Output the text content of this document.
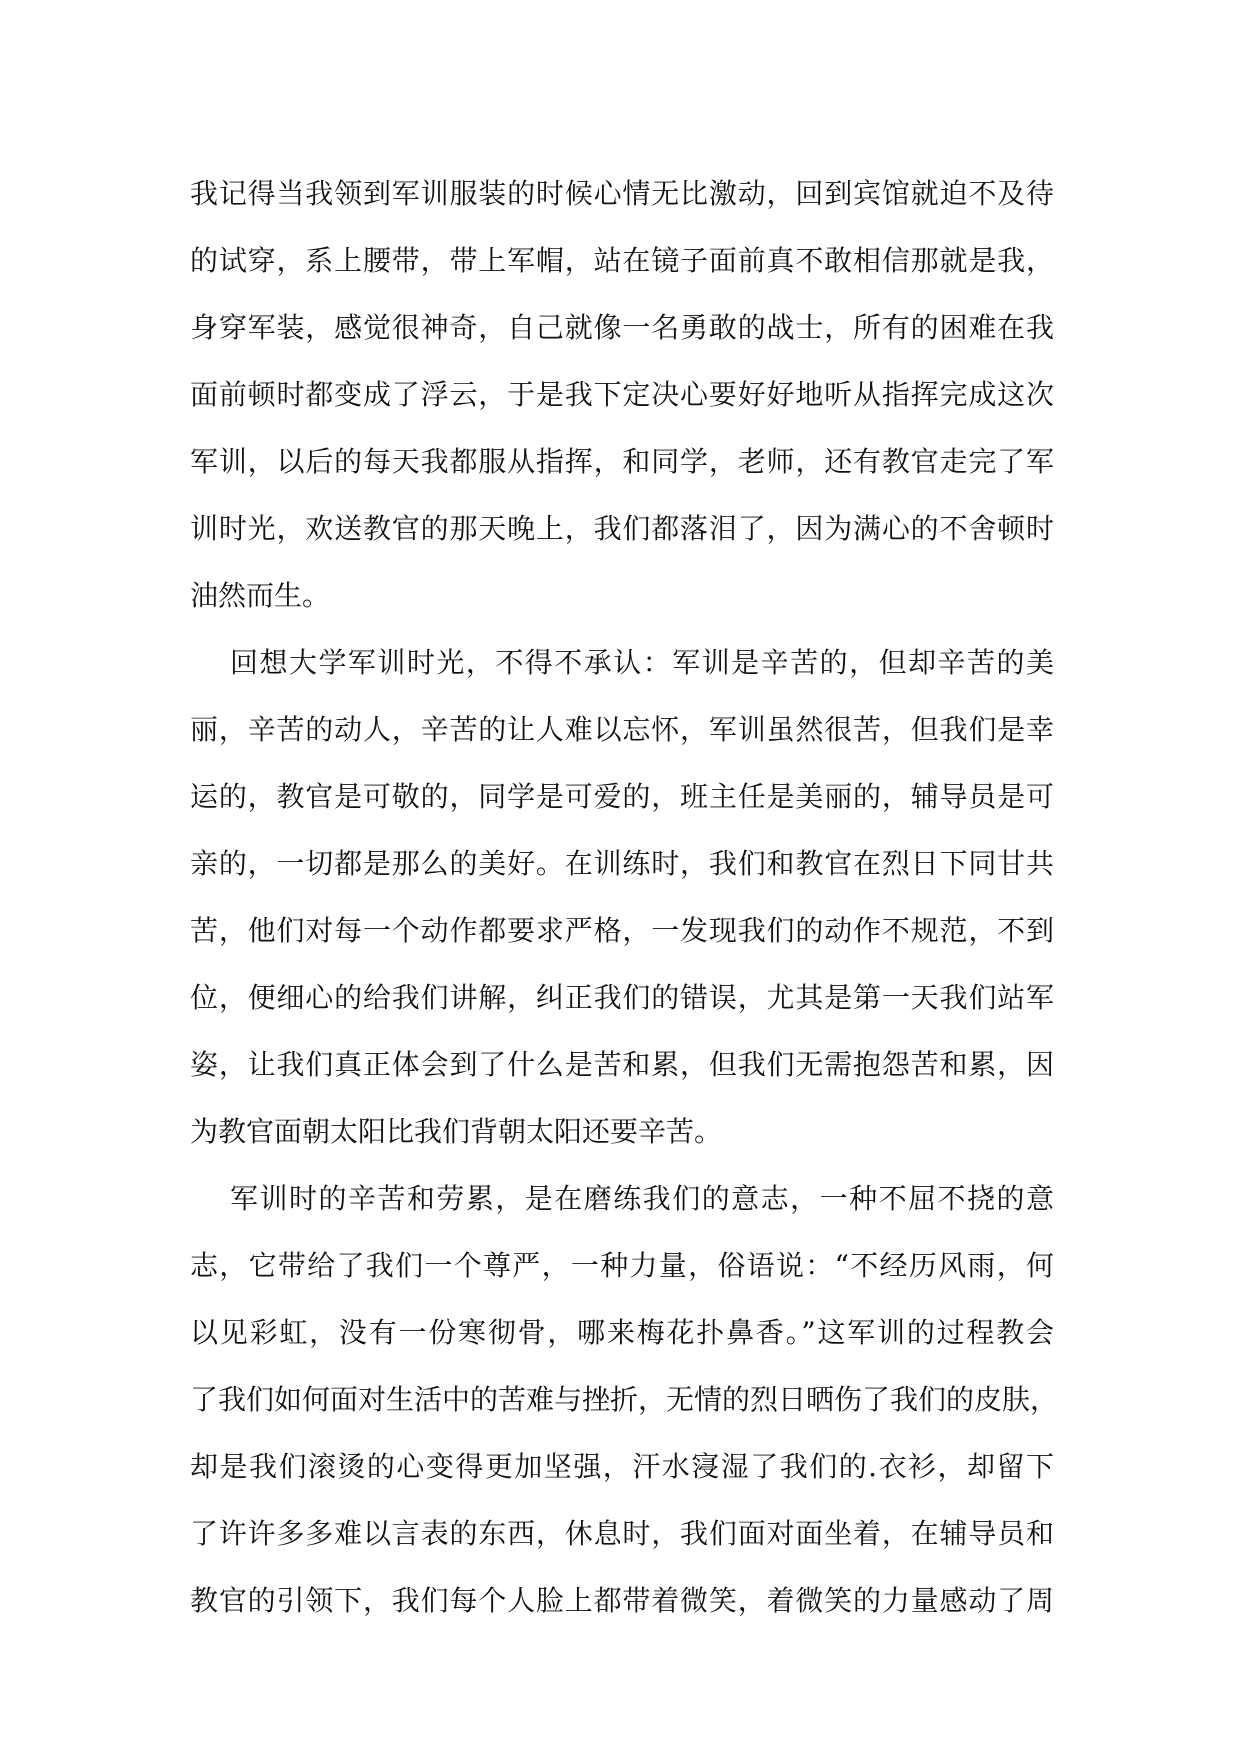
我记得当我领到军训服装的时候心情无比激动，回到宾馆就迫不及待
的试穿，系上腰带，带上军帽，站在镜子面前真不敢相信那就是我，
身穿军装，感觉很神奇，自己就像一名勇敢的战士，所有的困难在我
面前顿时都变成了浮云，于是我下定决心要好好地听从指挥完成这次
军训，以后的每天我都服从指挥，和同学，老师，还有教官走完了军
训时光，欢送教官的那天晚上，我们都落泪了，因为满心的不舍顿时
油然而生。
回想大学军训时光，不得不承认：军训是辛苦的，但却辛苦的美
丽，辛苦的动人，辛苦的让人难以忘怀，军训虽然很苦，但我们是幸
运的，教官是可敬的，同学是可爱的，班主任是美丽的，辅导员是可
亲的，一切都是那么的美好。在训练时，我们和教官在烈日下同甘共
苦，他们对每一个动作都要求严格，一发现我们的动作不规范，不到
位，便细心的给我们讲解，纠正我们的错误，尤其是第一天我们站军
姿，让我们真正体会到了什么是苦和累，但我们无需抱怨苦和累，因
为教官面朝太阳比我们背朝太阳还要辛苦。
军训时的辛苦和劳累，是在磨练我们的意志，一种不屈不挠的意
志，它带给了我们一个尊严，一种力量，俗语说：“不经历风雨，何
以见彩虹，没有一份寒彻骨，哪来梅花扑鼻香。”这军训的过程教会
了我们如何面对生活中的苦难与挫折，无情的烈日晒伤了我们的皮肤，
却是我们滚烫的心变得更加坚强，汗水寖湿了我们的.衣衫，却留下
了许许多多难以言表的东西，休息时，我们面对面坐着，在辅导员和
教官的引领下，我们每个人脸上都带着微笑，着微笑的力量感动了周
